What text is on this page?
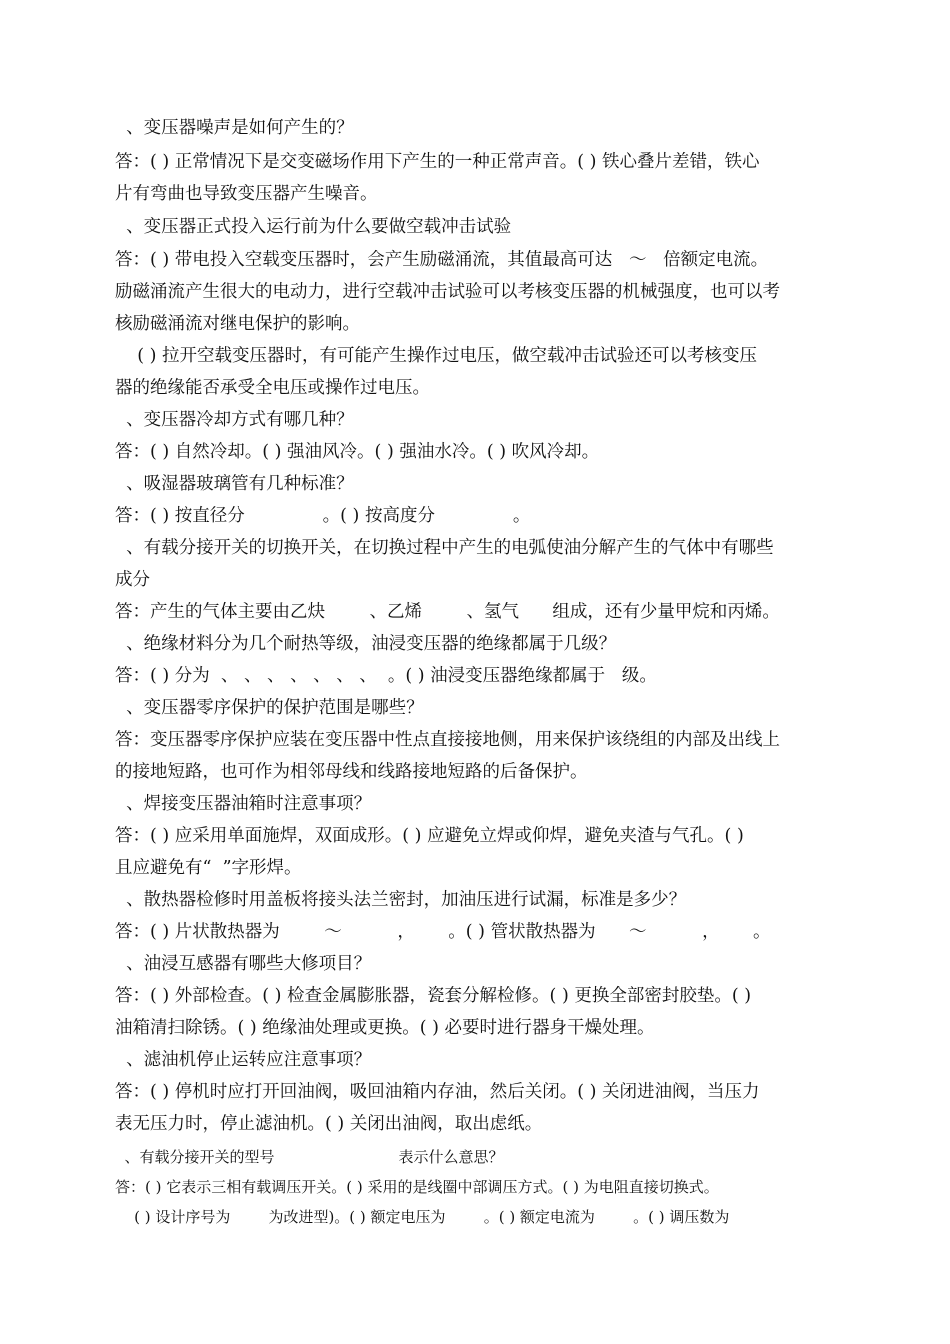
、变压器噪声是如何产生的？
答：( ) 正常情况下是交变磁场作用下产生的一种正常声音。( ) 铁心叠片差错，铁心
片有弯曲也导致变压器产生噪音。
、变压器正式投入运行前为什么要做空载冲击试验
答：( ) 带电投入空载变压器时，会产生励磁涌流，其值最高可达   ～   倍额定电流。
励磁涌流产生很大的电动力，进行空载冲击试验可以考核变压器的机械强度，也可以考
核励磁涌流对继电保护的影响。
( ) 拉开空载变压器时，有可能产生操作过电压，做空载冲击试验还可以考核变压
器的绝缘能否承受全电压或操作过电压。
、变压器冷却方式有哪几种？
答：( ) 自然冷却。( ) 强油风冷。( ) 强油水冷。( ) 吹风冷却。
、吸湿器玻璃管有几种标准？
答：( ) 按直径分              。( ) 按高度分              。
、有载分接开关的切换开关，在切换过程中产生的电弧使油分解产生的气体中有哪些
成分
答：产生的气体主要由乙炔        、乙烯        、氢气      组成，还有少量甲烷和丙烯。
、绝缘材料分为几个耐热等级，油浸变压器的绝缘都属于几级？
答：( ) 分为  、 、 、 、 、 、 、  。( ) 油浸变压器绝缘都属于   级。
、变压器零序保护的保护范围是哪些？
答：变压器零序保护应装在变压器中性点直接接地侧，用来保护该绕组的内部及出线上
的接地短路，也可作为相邻母线和线路接地短路的后备保护。
、焊接变压器油箱时注意事项？
答：( ) 应采用单面施焊，双面成形。( ) 应避免立焊或仰焊，避免夹渣与气孔。( )
且应避免有“  ”字形焊。
、散热器检修时用盖板将接头法兰密封，加油压进行试漏，标准是多少？
答：( ) 片状散热器为        ～          ，      。( ) 管状散热器为      ～          ，      。
、油浸互感器有哪些大修项目？
答：( ) 外部检查。( ) 检查金属膨胀器，瓷套分解检修。( ) 更换全部密封胶垫。( )
油箱清扫除锈。( ) 绝缘油处理或更换。( ) 必要时进行器身干燥处理。
、滤油机停止运转应注意事项？
答：( ) 停机时应打开回油阀，吸回油箱内存油，然后关闭。( ) 关闭进油阀，当压力
表无压力时，停止滤油机。( ) 关闭出油阀，取出虑纸。
、有载分接开关的型号                          表示什么意思？
答：( ) 它表示三相有载调压开关。( ) 采用的是线圈中部调压方式。( ) 为电阻直接切换式。
( ) 设计序号为        为改进型)。( ) 额定电压为        。( ) 额定电流为        。( ) 调压数为
